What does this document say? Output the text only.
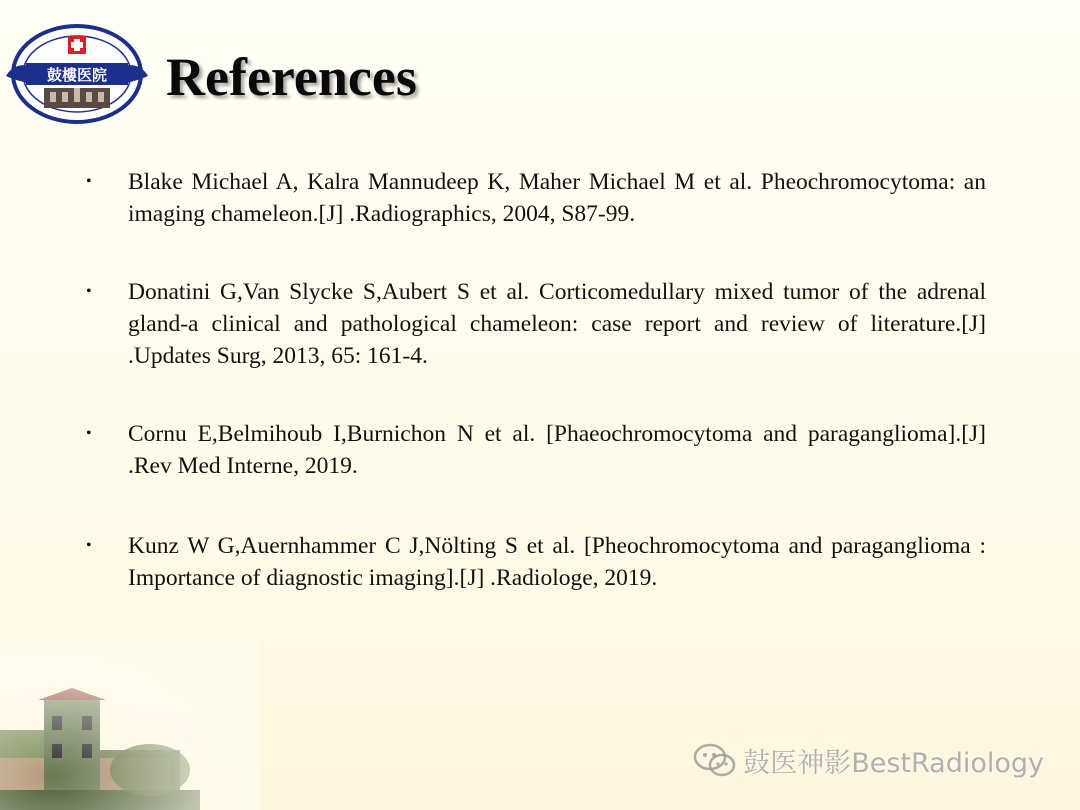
鼓樓医院 References
• Blake Michael A, Kalra Mannudeep K, Maher Michael M et al. Pheochromocytoma: an imaging chameleon.[J] .Radiographics, 2004, S87-99.
• Donatini G,Van Slycke S,Aubert S et al. Corticomedullary mixed tumor of the adrenal gland-a clinical and pathological chameleon: case report and review of literature.[J] .Updates Surg, 2013, 65: 161-4.
• Cornu E,Belmihoub I,Burnichon N et al. [Phaeochromocytoma and paraganglioma].[J] .Rev Med Interne, 2019.
• Kunz W G,Auernhammer C J,Nölting S et al. [Pheochromocytoma and paraganglioma : Importance of diagnostic imaging].[J] .Radiologe, 2019.
鼓医神影BestRadiology
